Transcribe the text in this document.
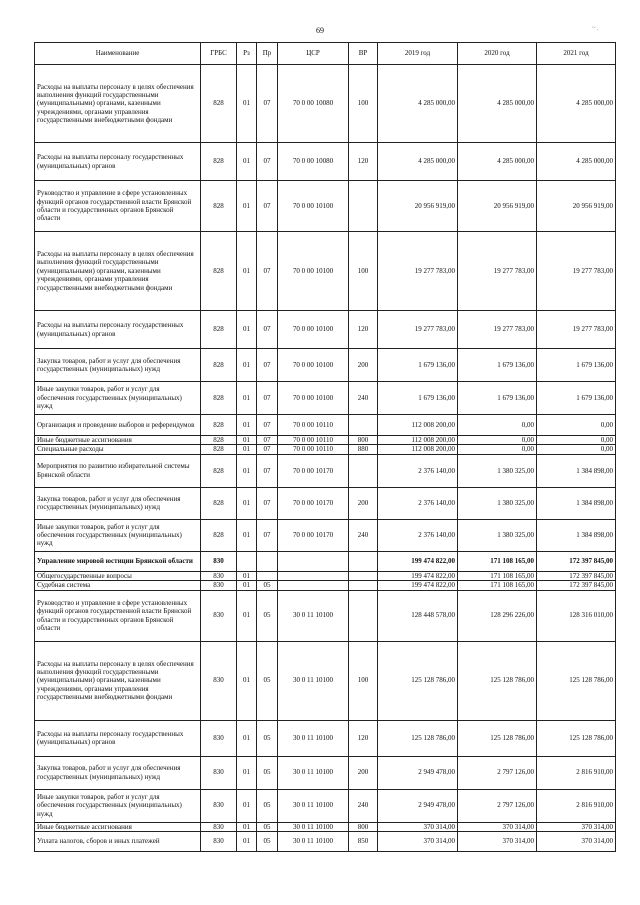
69	~.
Наименование	ГРБС	Рз	Пр	ЦСР	ВР	2019 год	2020 год	2021 год
Расходы на выплаты персоналу в целях обеспечения выполнения функций государственными (муниципальными) органами, казенными учреждениями, органами управления государственными внебюджетными фондами	828	01	07	70 0 00 10080	100	4 285 000,00	4 285 000,00	4 285 000,00
Расходы на выплаты персоналу государственных (муниципальных) органов	828	01	07	70 0 00 10080	120	4 285 000,00	4 285 000,00	4 285 000,00
Руководство и управление в сфере установленных функций органов государственной власти Брянской области и государственных органов Брянской области	828	01	07	70 0 00 10100		20 956 919,00	20 956 919,00	20 956 919,00
Расходы на выплаты персоналу в целях обеспечения выполнения функций государственными (муниципальными) органами, казенными учреждениями, органами управления государственными внебюджетными фондами	828	01	07	70 0 00 10100	100	19 277 783,00	19 277 783,00	19 277 783,00
Расходы на выплаты персоналу государственных (муниципальных) органов	828	01	07	70 0 00 10100	120	19 277 783,00	19 277 783,00	19 277 783,00
Закупка товаров, работ и услуг для обеспечения государственных (муниципальных) нужд	828	01	07	70 0 00 10100	200	1 679 136,00	1 679 136,00	1 679 136,00
Иные закупки товаров, работ и услуг для обеспечения государственных (муниципальных) нужд	828	01	07	70 0 00 10100	240	1 679 136,00	1 679 136,00	1 679 136,00
Организация и проведение выборов и референдумов	828	01	07	70 0 00 10110		112 008 200,00	0,00	0,00
Иные бюджетные ассигнования	828	01	07	70 0 00 10110	800	112 008 200,00	0,00	0,00
Специальные расходы	828	01	07	70 0 00 10110	880	112 008 200,00	0,00	0,00
Мероприятия по развитию избирательной системы Брянской области	828	01	07	70 0 00 10170		2 376 140,00	1 380 325,00	1 384 898,00
Закупка товаров, работ и услуг для обеспечения государственных (муниципальных) нужд	828	01	07	70 0 00 10170	200	2 376 140,00	1 380 325,00	1 384 898,00
Иные закупки товаров, работ и услуг для обеспечения государственных (муниципальных) нужд	828	01	07	70 0 00 10170	240	2 376 140,00	1 380 325,00	1 384 898,00
Управление мировой юстиции Брянской области	830					199 474 822,00	171 108 165,00	172 397 845,00
Общегосударственные вопросы	830	01				199 474 822,00	171 108 165,00	172 397 845,00
Судебная система	830	01	05			199 474 822,00	171 108 165,00	172 397 845,00
Руководство и управление в сфере установленных функций органов государственной власти Брянской области и государственных органов Брянской области	830	01	05	30 0 11 10100		128 448 578,00	128 296 226,00	128 316 010,00
Расходы на выплаты персоналу в целях обеспечения выполнения функций государственными (муниципальными) органами, казенными учреждениями, органами управления государственными внебюджетными фондами	830	01	05	30 0 11 10100	100	125 128 786,00	125 128 786,00	125 128 786,00
Расходы на выплаты персоналу государственных (муниципальных) органов	830	01	05	30 0 11 10100	120	125 128 786,00	125 128 786,00	125 128 786,00
Закупка товаров, работ и услуг для обеспечения государственных (муниципальных) нужд	830	01	05	30 0 11 10100	200	2 949 478,00	2 797 126,00	2 816 910,00
Иные закупки товаров, работ и услуг для обеспечения государственных (муниципальных) нужд	830	01	05	30 0 11 10100	240	2 949 478,00	2 797 126,00	2 816 910,00
Иные бюджетные ассигнования	830	01	05	30 0 11 10100	800	370 314,00	370 314,00	370 314,00
Уплата налогов, сборов и иных платежей	830	01	05	30 0 11 10100	850	370 314,00	370 314,00	370 314,00
